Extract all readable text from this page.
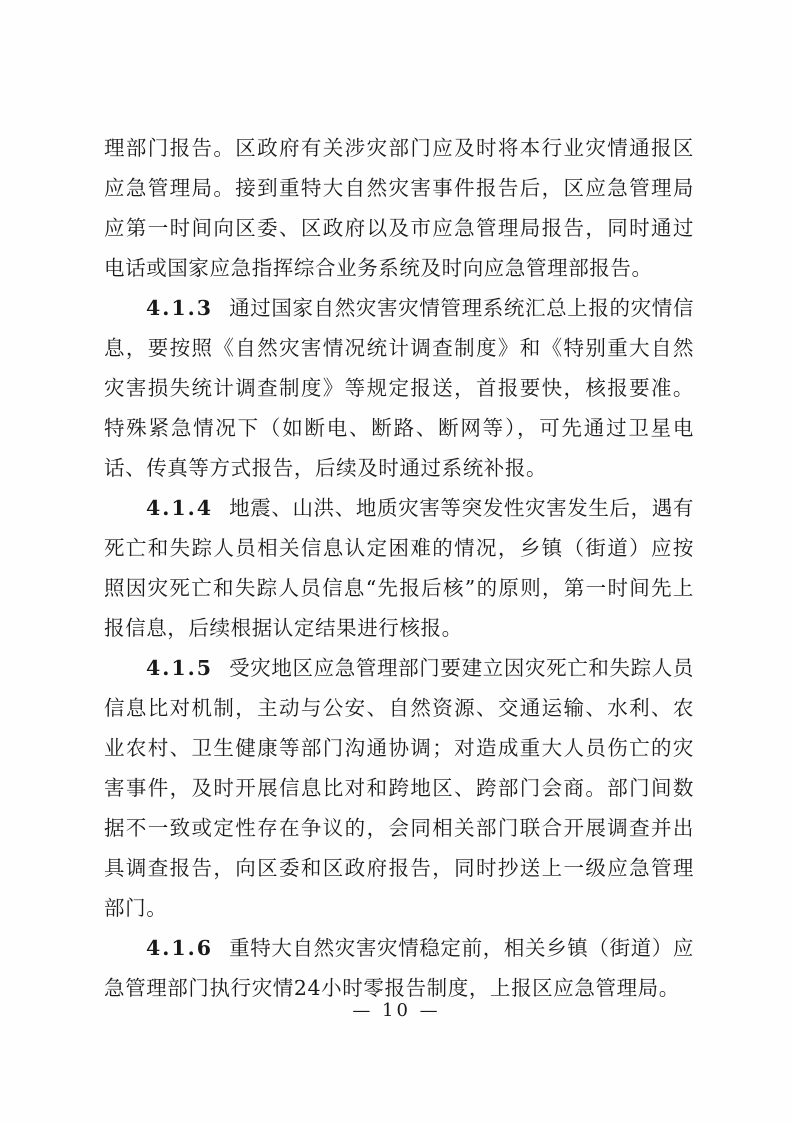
理部门报告。区政府有关涉灾部门应及时将本行业灾情通报区应急管理局。接到重特大自然灾害事件报告后，区应急管理局应第一时间向区委、区政府以及市应急管理局报告，同时通过电话或国家应急指挥综合业务系统及时向应急管理部报告。

4.1.3 通过国家自然灾害灾情管理系统汇总上报的灾情信息，要按照《自然灾害情况统计调查制度》和《特别重大自然灾害损失统计调查制度》等规定报送，首报要快，核报要准。特殊紧急情况下（如断电、断路、断网等），可先通过卫星电话、传真等方式报告，后续及时通过系统补报。

4.1.4 地震、山洪、地质灾害等突发性灾害发生后，遇有死亡和失踪人员相关信息认定困难的情况，乡镇（街道）应按照因灾死亡和失踪人员信息“先报后核”的原则，第一时间先上报信息，后续根据认定结果进行核报。

4.1.5 受灾地区应急管理部门要建立因灾死亡和失踪人员信息比对机制，主动与公安、自然资源、交通运输、水利、农业农村、卫生健康等部门沟通协调；对造成重大人员伤亡的灾害事件，及时开展信息比对和跨地区、跨部门会商。部门间数据不一致或定性存在争议的，会同相关部门联合开展调查并出具调查报告，向区委和区政府报告，同时抄送上一级应急管理部门。

4.1.6 重特大自然灾害灾情稳定前，相关乡镇（街道）应急管理部门执行灾情24小时零报告制度，上报区应急管理局。

— 10 —
